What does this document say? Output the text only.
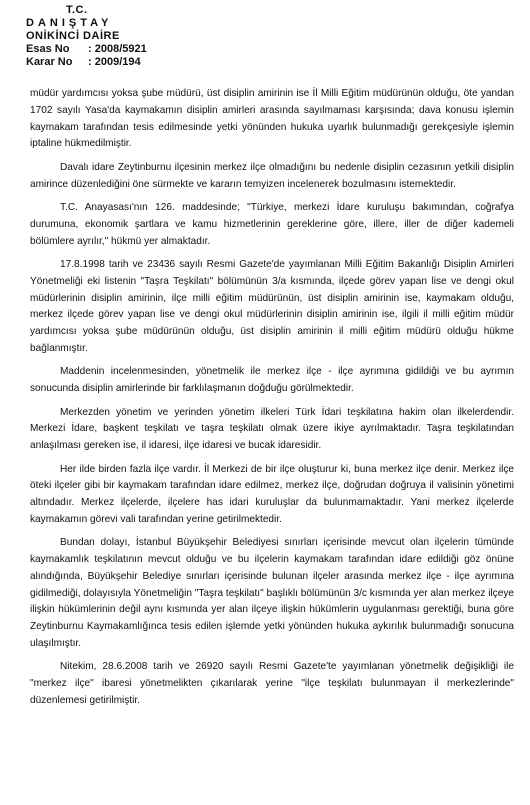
T.C.
DANIŞTAY
ONİKİNCİ DAİRE
Esas No	: 2008/5921
Karar No	: 2009/194

müdür yardımcısı yoksa şube müdürü, üst disiplin amirinin ise İl Milli Eğitim müdürünün olduğu, öte yandan 1702 sayılı Yasa'da kaymakamın disiplin amirleri arasında sayılmaması karşısında; dava konusu işlemin kaymakam tarafından tesis edilmesinde yetki yönünden hukuka uyarlık bulunmadığı gerekçesiyle işlemin iptaline hükmedilmiştir.

Davalı idare Zeytinburnu ilçesinin merkez ilçe olmadığını bu nedenle disiplin cezasının yetkili disiplin amirince düzenlediğini öne sürmekte ve kararın temyizen incelenerek bozulmasını istemektedir.

T.C. Anayasası'nın 126. maddesinde; "Türkiye, merkezi İdare kuruluşu bakımından, coğrafya durumuna, ekonomik şartlara ve kamu hizmetlerinin gereklerine göre, illere, iller de diğer kademeli bölümlere ayrılır," hükmü yer almaktadır.

17.8.1998 tarih ve 23436 sayılı Resmi Gazete'de yayımlanan Milli Eğitim Bakanlığı Disiplin Amirleri Yönetmeliği eki listenin "Taşra Teşkilatı" bölümünün 3/a kısmında, ilçede görev yapan lise ve dengi okul müdürlerinin disiplin amirinin, ilçe milli eğitim müdürünün, üst disiplin amirinin ise, kaymakam olduğu, merkez ilçede görev yapan lise ve dengi okul müdürlerinin disiplin amirinin ise, ilgili il milli eğitim müdür yardımcısı yoksa şube müdürünün olduğu, üst disiplin amirinin il milli eğitim müdürü olduğu hükme bağlanmıştır.

Maddenin incelenmesinden, yönetmelik ile merkez ilçe - ilçe ayrımına gidildiği ve bu ayrımın sonucunda disiplin amirlerinde bir farklılaşmanın doğduğu görülmektedir.

Merkezden yönetim ve yerinden yönetim ilkeleri Türk İdari teşkilatına hakim olan ilkelerdendir. Merkezi İdare, başkent teşkilatı ve taşra teşkilatı olmak üzere ikiye ayrılmaktadır. Taşra teşkilatından anlaşılması gereken ise, il idaresi, ilçe idaresi ve bucak idaresidir.

Her ilde birden fazla ilçe vardır. İl Merkezi de bir ilçe oluşturur ki, buna merkez ilçe denir. Merkez ilçe öteki ilçeler gibi bir kaymakam tarafından idare edilmez, merkez ilçe, doğrudan doğruya il valisinin yönetimi altındadır. Merkez ilçelerde, ilçelere has idari kuruluşlar da bulunmamaktadır. Yani merkez ilçelerde kaymakamın görevi vali tarafından yerine getirilmektedir.

Bundan dolayı, İstanbul Büyükşehir Belediyesi sınırları içerisinde mevcut olan ilçelerin tümünde kaymakamlık teşkilatının mevcut olduğu ve bu ilçelerin kaymakam tarafından idare edildiği göz önüne alındığında, Büyükşehir Belediye sınırları içerisinde bulunan ilçeler arasında merkez ilçe - ilçe ayrımına gidilmediği, dolayısıyla Yönetmeliğin "Taşra teşkilatı" başlıklı bölümünün 3/c kısmında yer alan merkez ilçeye ilişkin hükümlerinin değil aynı kısmında yer alan ilçeye ilişkin hükümlerin uygulanması gerektiği, buna göre Zeytinburnu Kaymakamlığınca tesis edilen işlemde yetki yönünden hukuka aykırılık bulunmadığı sonucuna ulaşılmıştır.

Nitekim, 28.6.2008 tarih ve 26920 sayılı Resmi Gazete'te yayımlanan yönetmelik değişikliği ile "merkez ilçe" ibaresi yönetmelikten çıkarılarak yerine "ilçe teşkilatı bulunmayan il merkezlerinde" düzenlemesi getirilmiştir.
